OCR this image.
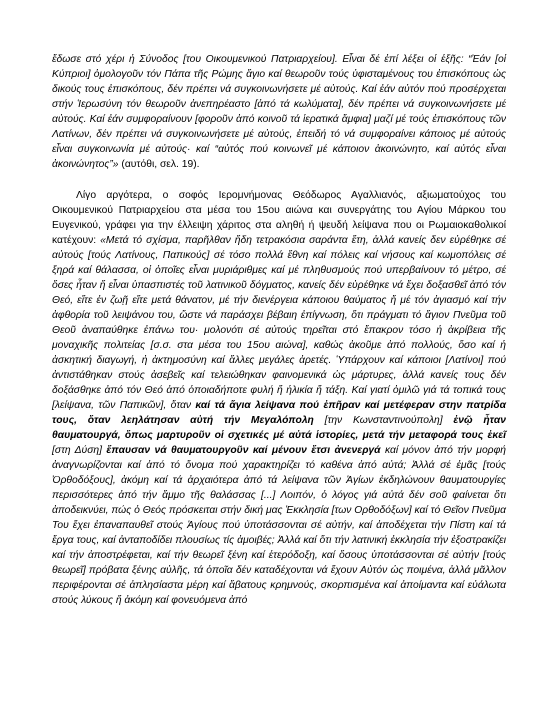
ἔδωσε στό χέρι ἡ Σύνοδος [του Οικουμενικού Πατριαρχείου]. Εἶναι δέ ἐπί λέξει οἱ ἑξῆς: “Ἐάν [οἱ Κύπριοι] ὁμολογοῦν τόν Πάπα τῆς Ρώμης ἅγιο καί θεωροῦν τούς ὑφισταμένους του ἐπισκόπους ὡς δικούς τους ἐπισκόπους, δέν πρέπει νά συγκοινωνήσετε μέ αὐτούς. Καί ἐάν αὐτόν πού προσέρχεται στήν Ἱερωσύνη τόν θεωροῦν ἀνεπηρέαστο [ἀπό τά κωλύματα], δέν πρέπει νά συγκοινωνήσετε μέ αὐτούς. Καί ἐάν συμφοραίνουν [φοροῦν ἀπό κοινοῦ τά ἱερατικά ἄμφια] μαζί μέ τούς ἐπισκόπους τῶν Λατίνων, δέν πρέπει νά συγκοινωνήσετε μέ αὐτούς, ἐπειδή τό νά συμφοραίνει κάποιος μέ αὐτούς εἶναι συγκοινωνία μέ αὐτούς· καί “αὐτός πού κοινωνεῖ μέ κάποιον ἀκοινώνητο, καί αὐτός εἶναι ἀκοινώνητος”» (αυτόθι, σελ. 19).

Λίγο αργότερα, ο σοφός Ιερομνήμονας Θεόδωρος Αγαλλιανός, αξιωματούχος του Οικουμενικού Πατριαρχείου στα μέσα του 15ου αιώνα και συνεργάτης του Αγίου Μάρκου του Ευγενικού, γράφει για την έλλειψη χάριτος στα αληθή ή ψευδή λείψανα που οι Ρωμαιοκαθολικοί κατέχουν: «Μετά τό σχίσμα, παρῆλθαν ἤδη τετρακόσια σαράντα ἔτη, ἀλλά κανείς δεν εὑρέθηκε σέ αὐτούς [τούς Λατίνους, Παπικούς] σέ τόσο πολλά ἔθνη καί πόλεις καί νήσους καί κωμοπόλεις σέ ξηρά καί θάλασσα, οἱ ὁποῖες εἶναι μυριάριθμες καί μέ πληθυσμούς πού υπερβαίνουν τό μέτρο, σέ ὅσες ἦταν ἤ εἶναι ὑπασπιστές τοῦ λατινικοῦ δόγματος, κανείς δέν εὑρέθηκε νά ἔχει δοξασθεῖ ἀπό τόν Θεό, εἴτε ἐν ζωῇ εἴτε μετά θάνατον, μέ τήν διενέργεια κάποιου θαύματος ἤ μέ τόν ἁγιασμό καί τήν ἀφθορία τοῦ λειψάνου του, ὥστε νά παράσχει βέβαιη ἐπίγνωση, ὅτι πράγματι τό ἅγιον Πνεῦμα τοῦ Θεοῦ ἀναπαύθηκε ἐπάνω του· μολονότι σέ αὐτούς τηρεῖται στό ἔπακρον τόσο ἡ ἀκρίβεια τῆς μοναχικῆς πολιτείας [σ.σ. στα μέσα του 15ου αιώνα], καθώς ἀκοῦμε ἀπό πολλούς, ὅσο καί ἡ ἀσκητική διαγωγή, ἡ ἀκτημοσύνη καί ἄλλες μεγάλες ἀρετές. Ὑπάρχουν καί κάποιοι [Λατίνοι] πού ἀντιστάθηκαν στούς ἀσεβεῖς καί τελειώθηκαν φαινομενικά ὡς μάρτυρες, ἀλλά κανείς τους δέν δοξάσθηκε ἀπό τόν Θεό ἀπό ὁποιαδήποτε φυλή ἤ ἡλικία ἤ τάξη. Καί γιατί ὁμιλῶ γιά τά τοπικά τους [λείψανα, τῶν Παπικῶν], ὅταν καί τά ἅγια λείψανα πού ἐπῆραν καί μετέφεραν στην πατρίδα τους, ὅταν λεηλάτησαν αὐτή τήν Μεγαλόπολη [την Κωνσταντινούπολη] ἐνῷ ἦταν θαυματουργά, ὅπως μαρτυροῦν οἱ σχετικές μέ αὐτά ἱστορίες, μετά τήν μεταφορά τους ἐκεῖ [στη Δύση] ἔπαυσαν νά θαυματουργοῦν καί μένουν ἔτσι ἀνενεργά καί μόνον ἀπό τήν μορφή ἀναγνωρίζονται καί ἀπό τό ὄνομα πού χαρακτηρίζει τό καθένα ἀπό αὐτά; Ἀλλά σέ ἐμᾶς [τούς Ὀρθοδόξους], ἀκόμη καί τά ἀρχαιότερα ἀπό τά λείψανα τῶν Ἁγίων ἐκδηλώνουν θαυματουργίες περισσότερες ἀπό τήν ἄμμο τῆς θαλάσσας [...] Λοιπόν, ὁ λόγος γιά αὐτά δέν σοῦ φαίνεται ὅτι ἀποδεικνύει, πώς ὁ Θεός πρόσκειται στήν δική μας Ἐκκλησία [των Ορθοδόξων] καί τό Θεῖον Πνεῦμα Του ἔχει ἐπαναπαυθεῖ στούς Ἁγίους πού ὑποτάσσονται σέ αὐτήν, καί ἀποδέχεται τήν Πίστη καί τά ἔργα τους, καί ἀνταποδίδει πλουσίως τίς ἀμοιβές; Ἀλλά καί ὅτι τήν λατινική ἐκκλησία τήν ἐξοστρακίζει καί τήν ἀποστρέφεται, καί τήν θεωρεῖ ξένη καί ἑτερόδοξη, καί ὅσους ὑποτάσσονται σέ αὐτήν [τούς θεωρεῖ] πρόβατα ξένης αὐλῆς, τά ὁποῖα δέν καταδέχονται νά ἔχουν Αὐτόν ὡς ποιμένα, ἀλλά μᾶλλον περιφέρονται σέ ἀπλησίαστα μέρη καί ἄβατους κρημνούς, σκορπισμένα καί ἀποίμαντα καί εὐάλωτα στούς λύκους ἤ ἀκόμη καί φονευόμενα ἀπό
